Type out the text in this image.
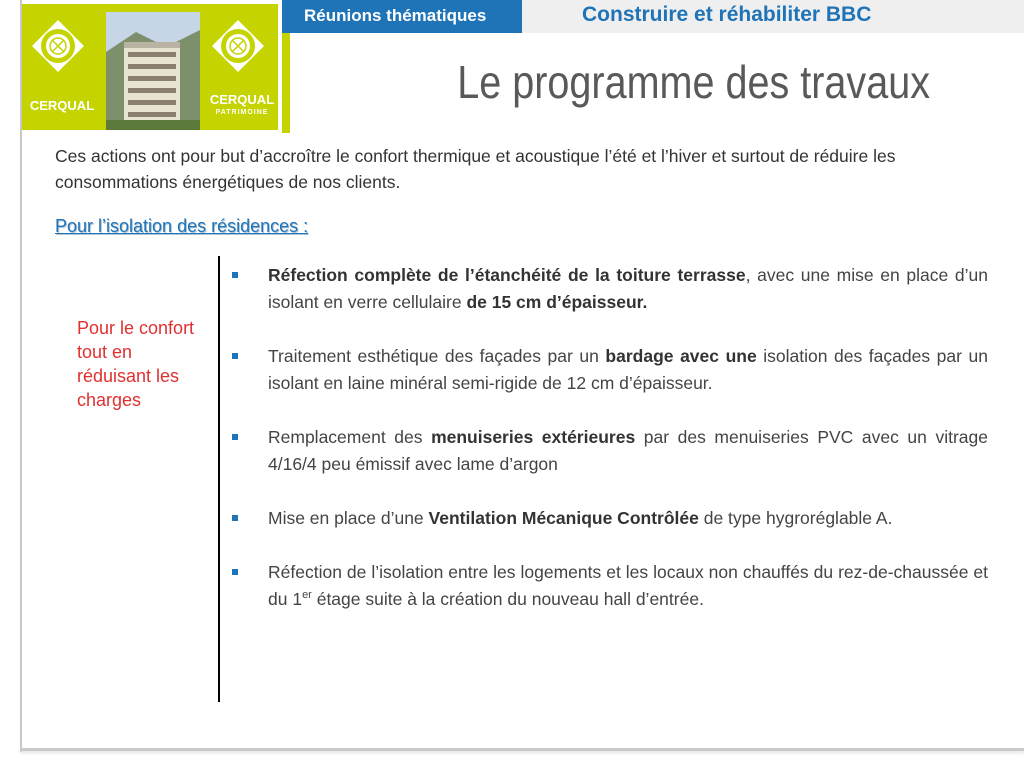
Réunions thématiques	Construire et réhabiliter BBC
CERQUAL	CERQUAL
PATRIMOINE
Le programme des travaux
Ces actions ont pour but d’accroître le confort thermique et acoustique l’été et l’hiver et surtout de réduire les consommations énergétiques de nos clients.
Pour l’isolation des résidences :
Pour le confort tout en réduisant les charges
Réfection complète de l’étanchéité de la toiture terrasse, avec une mise en place d’un isolant en verre cellulaire de 15 cm d’épaisseur.
Traitement esthétique des façades par un bardage avec une isolation des façades par un isolant en laine minéral semi-rigide de 12 cm d’épaisseur.
Remplacement des menuiseries extérieures par des menuiseries PVC avec un vitrage 4/16/4 peu émissif avec lame d’argon
Mise en place d’une Ventilation Mécanique Contrôlée de type hygroréglable A.
Réfection de l’isolation entre les logements et les locaux non chauffés du rez-de-chaussée et du 1er étage suite à la création du nouveau hall d’entrée.
